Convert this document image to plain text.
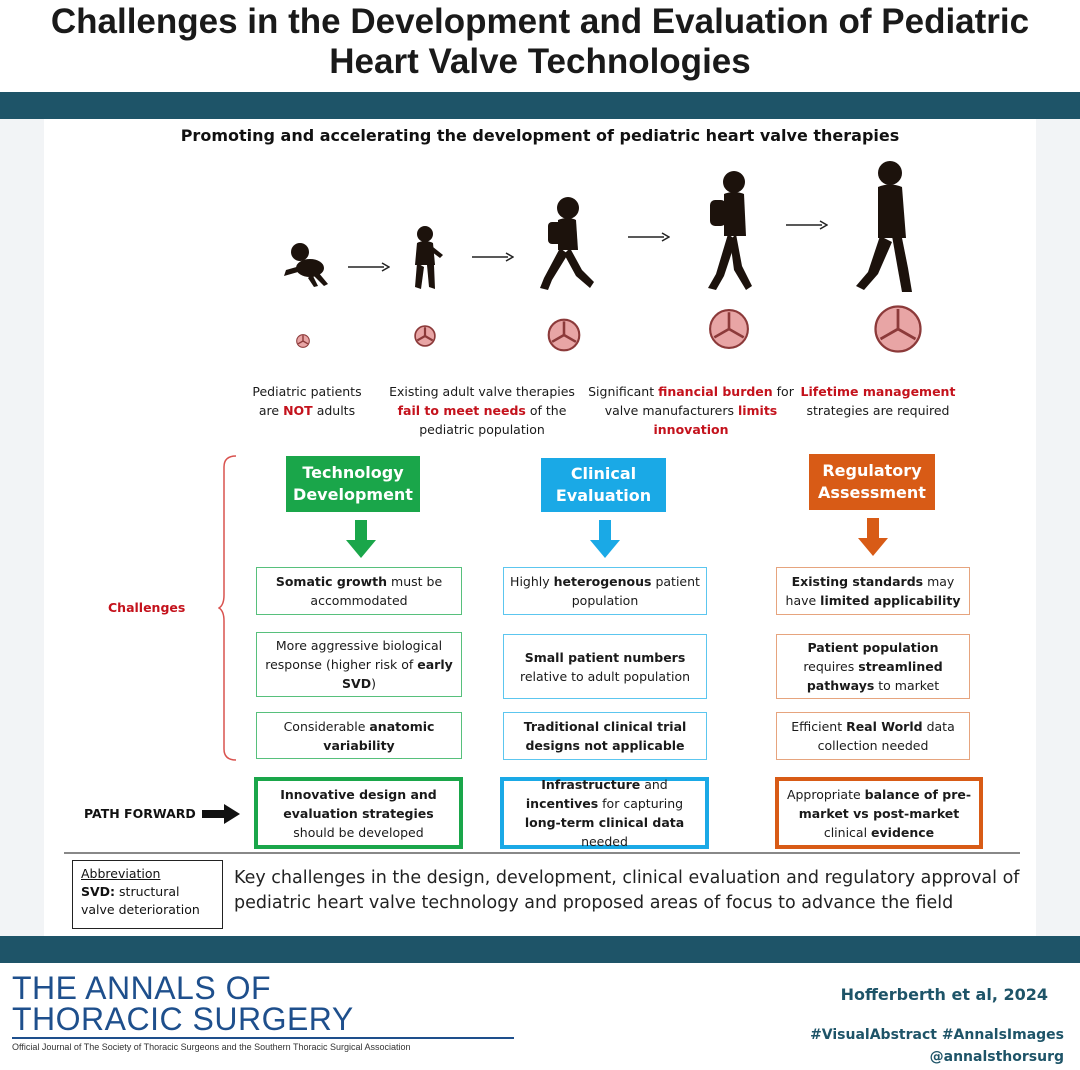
Challenges in the Development and Evaluation of Pediatric
Heart Valve Technologies
Promoting and accelerating the development of pediatric heart valve therapies
Pediatric patients
are NOT adults
Existing adult valve therapies
fail to meet needs of the
pediatric population
Significant financial burden for
valve manufacturers limits
innovation
Lifetime management
strategies are required
Challenges
Technology
Development
Clinical
Evaluation
Regulatory
Assessment
Somatic growth must be accommodated
More aggressive biological response (higher risk of early SVD)
Considerable anatomic variability
Highly heterogenous patient population
Small patient numbers relative to adult population
Traditional clinical trial designs not applicable
Existing standards may have limited applicability
Patient population requires streamlined pathways to market
Efficient Real World data collection needed
PATH FORWARD
Innovative design and evaluation strategies should be developed
Infrastructure and incentives for capturing long-term clinical data needed
Appropriate balance of pre-market vs post-market clinical evidence
Abbreviation
SVD: structural valve deterioration
Key challenges in the design, development, clinical evaluation and regulatory approval of pediatric heart valve technology and proposed areas of focus to advance the field
THE ANNALS OF
THORACIC SURGERY
Official Journal of The Society of Thoracic Surgeons and the Southern Thoracic Surgical Association
Hofferberth et al, 2024
#VisualAbstract #AnnalsImages
@annalsthorsurg
